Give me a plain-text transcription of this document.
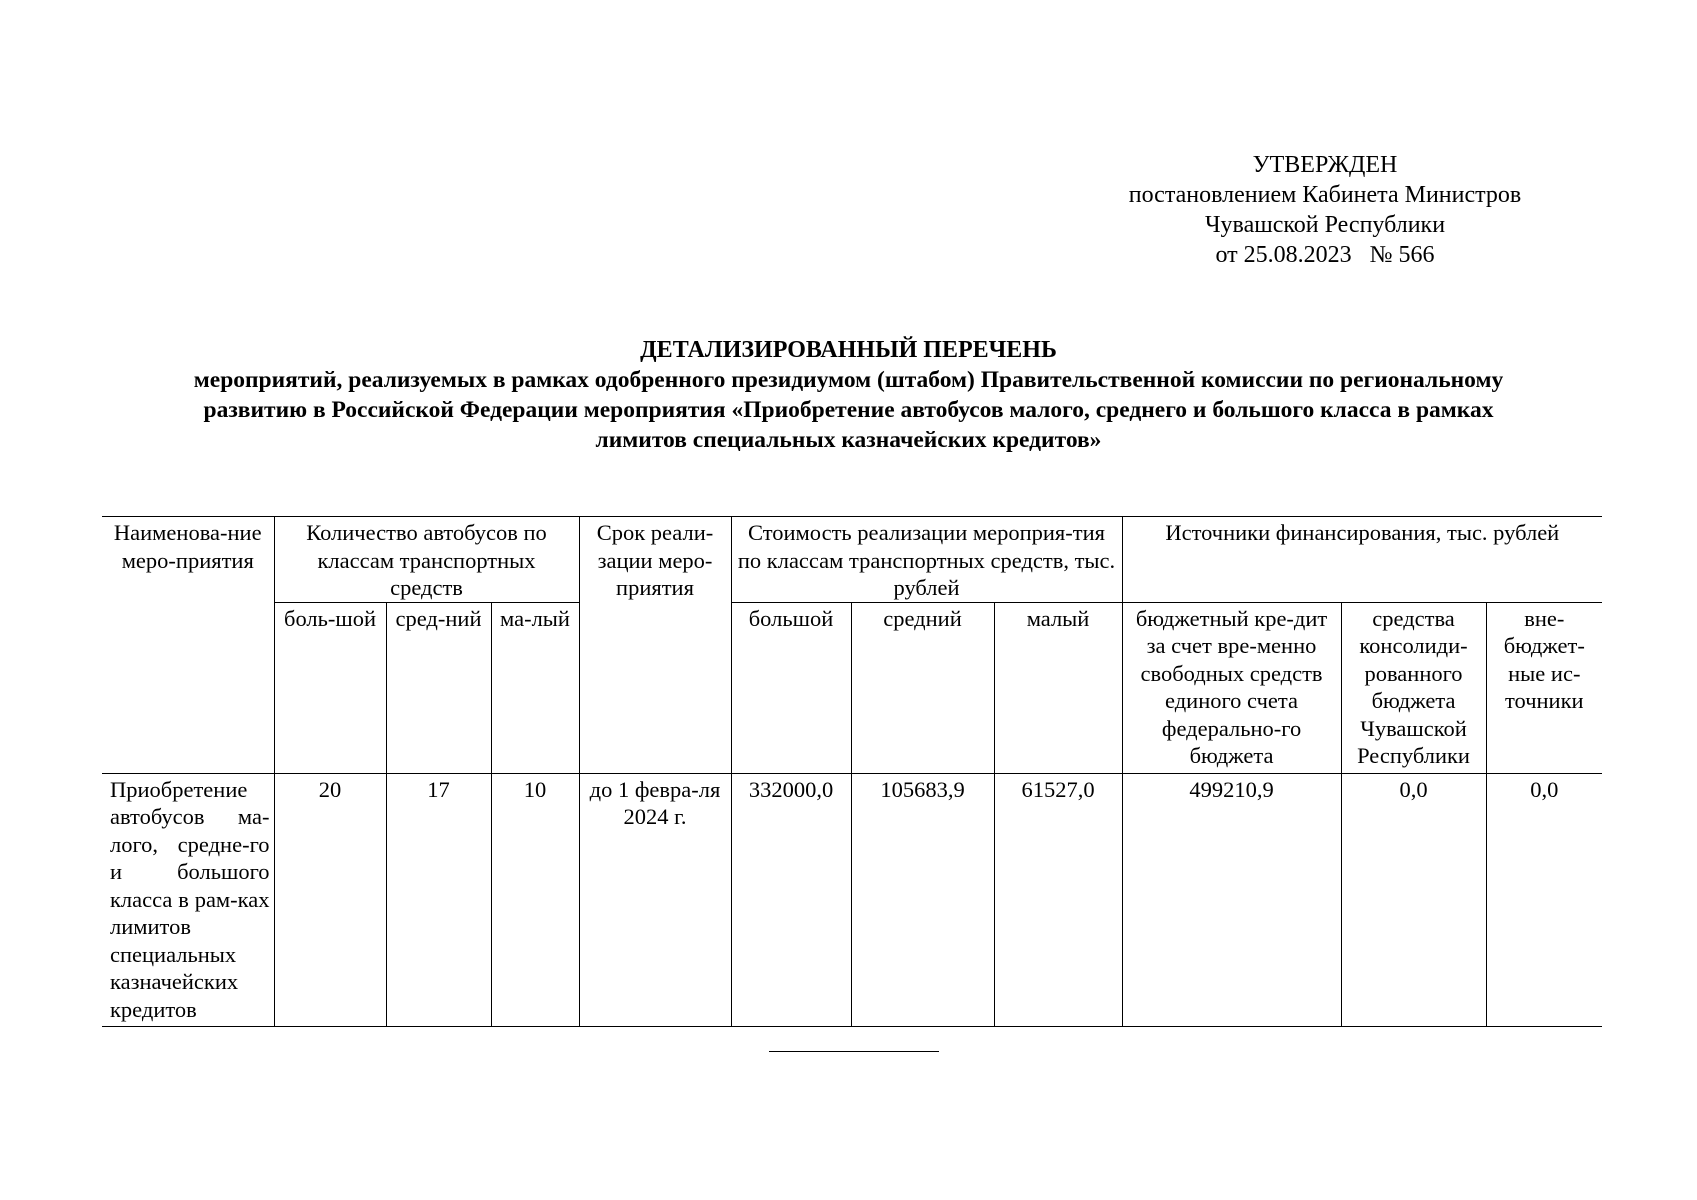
УТВЕРЖДЕН
постановлением Кабинета Министров
Чувашской Республики
от 25.08.2023 № 566
ДЕТАЛИЗИРОВАННЫЙ ПЕРЕЧЕНЬ
мероприятий, реализуемых в рамках одобренного президиумом (штабом) Правительственной комиссии по региональному
развитию в Российской Федерации мероприятия «Приобретение автобусов малого, среднего и большого класса в рамках
лимитов специальных казначейских кредитов»
Наименова-ние меро-приятия	Количество автобусов по классам транспортных средств			Срок реали-зации меро-приятия	Стоимость реализации мероприя-тия по классам транспортных средств, тыс. рублей			Источники финансирования, тыс. рублей		
	боль-шой	сред-ний	ма-лый		большой	средний	малый	бюджетный кре-дит за счет вре-менно свободных средств единого счета федерально-го бюджета	средства консолиди-рованного бюджета Чувашской Республики	вне-бюджет-ные ис-точники
Приобретение автобусов ма-лого, средне-го и большого класса в рам-ках лимитов специальных казначейских кредитов	20	17	10	до 1 февра-ля 2024 г.	332000,0	105683,9	61527,0	499210,9	0,0	0,0
